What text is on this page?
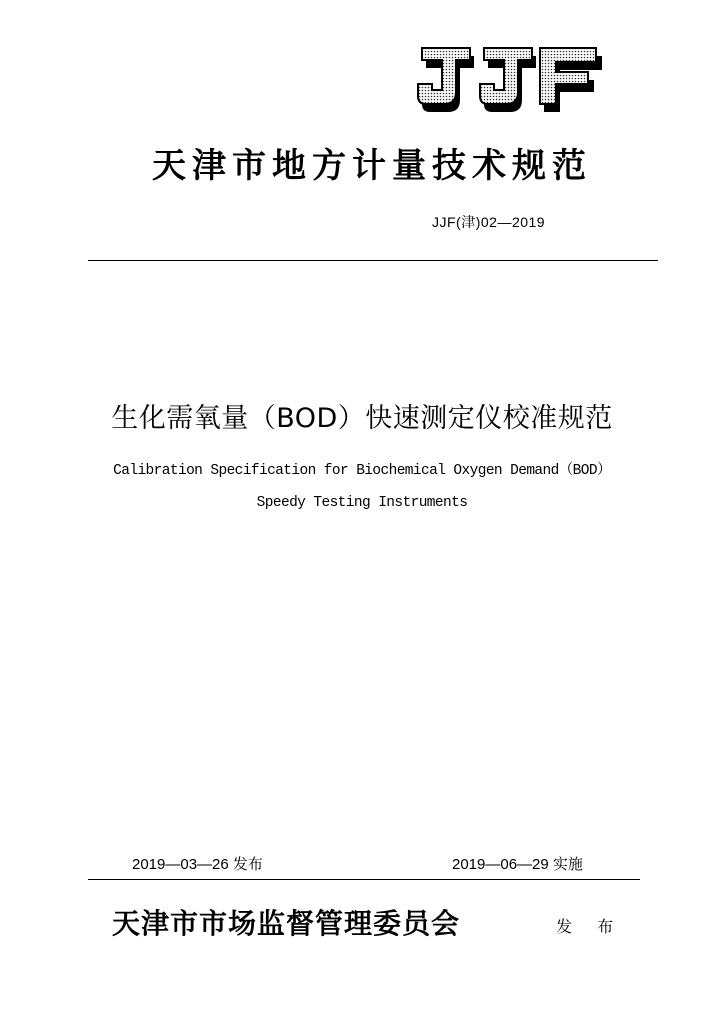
天津市地方计量技术规范
JJF(津)02—2019
生化需氧量（BOD）快速测定仪校准规范
Calibration Specification for Biochemical Oxygen Demand（BOD）
Speedy Testing Instruments
2019—03—26 发布	2019—06—29 实施
天津市市场监督管理委员会	发 布
